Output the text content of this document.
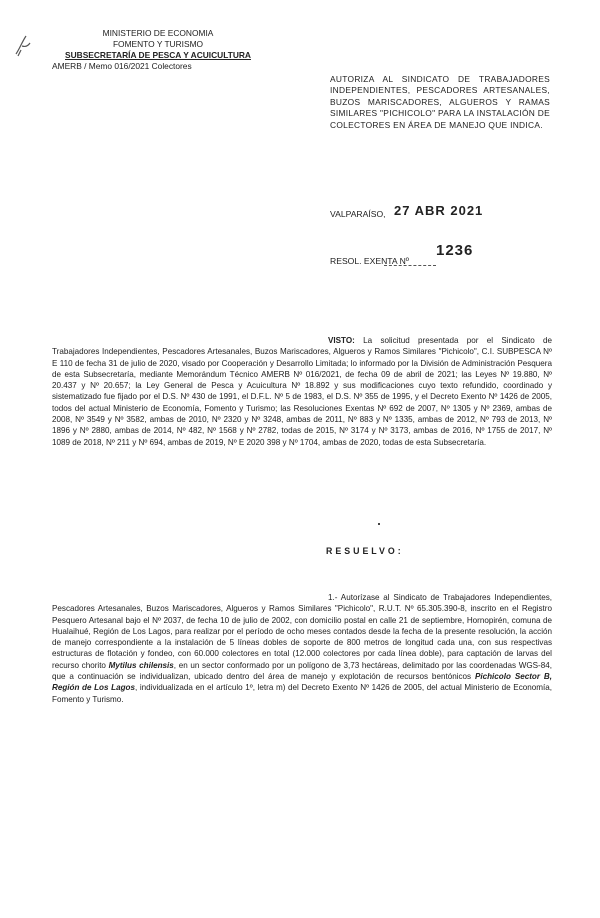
MINISTERIO DE ECONOMIA
FOMENTO Y TURISMO
SUBSECRETARÍA DE PESCA Y ACUICULTURA
AMERB / Memo 016/2021 Colectores
AUTORIZA AL SINDICATO DE TRABAJADORES INDEPENDIENTES, PESCADORES ARTESANALES, BUZOS MARISCADORES, ALGUEROS Y RAMAS SIMILARES "PICHICOLO" PARA LA INSTALACIÓN DE COLECTORES EN ÁREA DE MANEJO QUE INDICA.
VALPARAÍSO, 27 ABR 2021
RESOL. EXENTA Nº
1236
VISTO: La solicitud presentada por el Sindicato de Trabajadores Independientes, Pescadores Artesanales, Buzos Mariscadores, Algueros y Ramos Similares "Pichicolo", C.I. SUBPESCA Nº E 110 de fecha 31 de julio de 2020, visado por Cooperación y Desarrollo Limitada; lo informado por la División de Administración Pesquera de esta Subsecretaría, mediante Memorándum Técnico AMERB Nº 016/2021, de fecha 09 de abril de 2021; las Leyes Nº 19.880, Nº 20.437 y Nº 20.657; la Ley General de Pesca y Acuicultura Nº 18.892 y sus modificaciones cuyo texto refundido, coordinado y sistematizado fue fijado por el D.S. Nº 430 de 1991, el D.F.L. Nº 5 de 1983, el D.S. Nº 355 de 1995, y el Decreto Exento Nº 1426 de 2005, todos del actual Ministerio de Economía, Fomento y Turismo; las Resoluciones Exentas Nº 692 de 2007, Nº 1305 y Nº 2369, ambas de 2008, Nº 3549 y Nº 3582, ambas de 2010, Nº 2320 y Nº 3248, ambas de 2011, Nº 883 y Nº 1335, ambas de 2012, Nº 793 de 2013, Nº 1896 y Nº 2880, ambas de 2014, Nº 482, Nº 1568 y Nº 2782, todas de 2015, Nº 3174 y Nº 3173, ambas de 2016, Nº 1755 de 2017, Nº 1089 de 2018, Nº 211 y Nº 694, ambas de 2019, Nº E 2020 398 y Nº 1704, ambas de 2020, todas de esta Subsecretaría.
RESUELVO:
1.- Autorízase al Sindicato de Trabajadores Independientes, Pescadores Artesanales, Buzos Mariscadores, Algueros y Ramos Similares "Pichicolo", R.U.T. Nº 65.305.390-8, inscrito en el Registro Pesquero Artesanal bajo el Nº 2037, de fecha 10 de julio de 2002, con domicilio postal en calle 21 de septiembre, Hornopirén, comuna de Hualaihué, Región de Los Lagos, para realizar por el período de ocho meses contados desde la fecha de la presente resolución, la acción de manejo correspondiente a la instalación de 5 líneas dobles de soporte de 800 metros de longitud cada una, con sus respectivas estructuras de flotación y fondeo, con 60.000 colectores en total (12.000 colectores por cada línea doble), para captación de larvas del recurso chorito Mytilus chilensis, en un sector conformado por un polígono de 3,73 hectáreas, delimitado por las coordenadas WGS-84, que a continuación se individualizan, ubicado dentro del área de manejo y explotación de recursos bentónicos Pichicolo Sector B, Región de Los Lagos, individualizada en el artículo 1º, letra m) del Decreto Exento Nº 1426 de 2005, del actual Ministerio de Economía, Fomento y Turismo.
